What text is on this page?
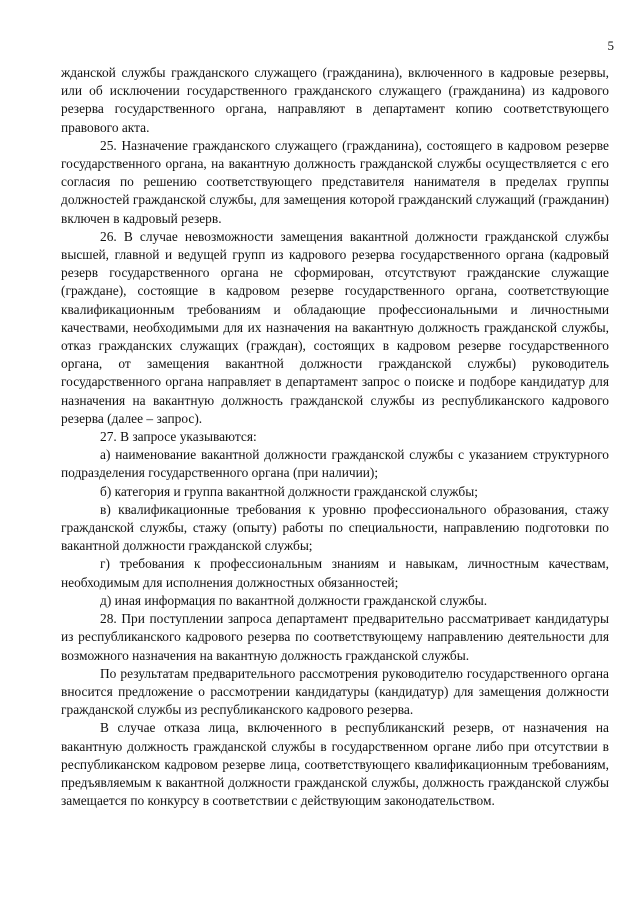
5

жданской службы гражданского служащего (гражданина), включенного в кадровые резервы, или об исключении государственного гражданского служащего (гражданина) из кадрового резерва государственного органа, направляют в департамент копию соответствующего правового акта.

25. Назначение гражданского служащего (гражданина), состоящего в кадровом резерве государственного органа, на вакантную должность гражданской службы осуществляется с его согласия по решению соответствующего представителя нанимателя в пределах группы должностей гражданской службы, для замещения которой гражданский служащий (гражданин) включен в кадровый резерв.

26. В случае невозможности замещения вакантной должности гражданской службы высшей, главной и ведущей групп из кадрового резерва государственного органа (кадровый резерв государственного органа не сформирован, отсутствуют гражданские служащие (граждане), состоящие в кадровом резерве государственного органа, соответствующие квалификационным требованиям и обладающие профессиональными и личностными качествами, необходимыми для их назначения на вакантную должность гражданской службы, отказ гражданских служащих (граждан), состоящих в кадровом резерве государственного органа, от замещения вакантной должности гражданской службы) руководитель государственного органа направляет в департамент запрос о поиске и подборе кандидатур для назначения на вакантную должность гражданской службы из республиканского кадрового резерва (далее – запрос).

27. В запросе указываются:

а) наименование вакантной должности гражданской службы с указанием структурного подразделения государственного органа (при наличии);

б) категория и группа вакантной должности гражданской службы;

в) квалификационные требования к уровню профессионального образования, стажу гражданской службы, стажу (опыту) работы по специальности, направлению подготовки по вакантной должности гражданской службы;

г) требования к профессиональным знаниям и навыкам, личностным качествам, необходимым для исполнения должностных обязанностей;

д) иная информация по вакантной должности гражданской службы.

28. При поступлении запроса департамент предварительно рассматривает кандидатуры из республиканского кадрового резерва по соответствующему направлению деятельности для возможного назначения на вакантную должность гражданской службы.

По результатам предварительного рассмотрения руководителю государственного органа вносится предложение о рассмотрении кандидатуры (кандидатур) для замещения должности гражданской службы из республиканского кадрового резерва.

В случае отказа лица, включенного в республиканский резерв, от назначения на вакантную должность гражданской службы в государственном органе либо при отсутствии в республиканском кадровом резерве лица, соответствующего квалификационным требованиям, предъявляемым к вакантной должности гражданской службы, должность гражданской службы замещается по конкурсу в соответствии с действующим законодательством.
